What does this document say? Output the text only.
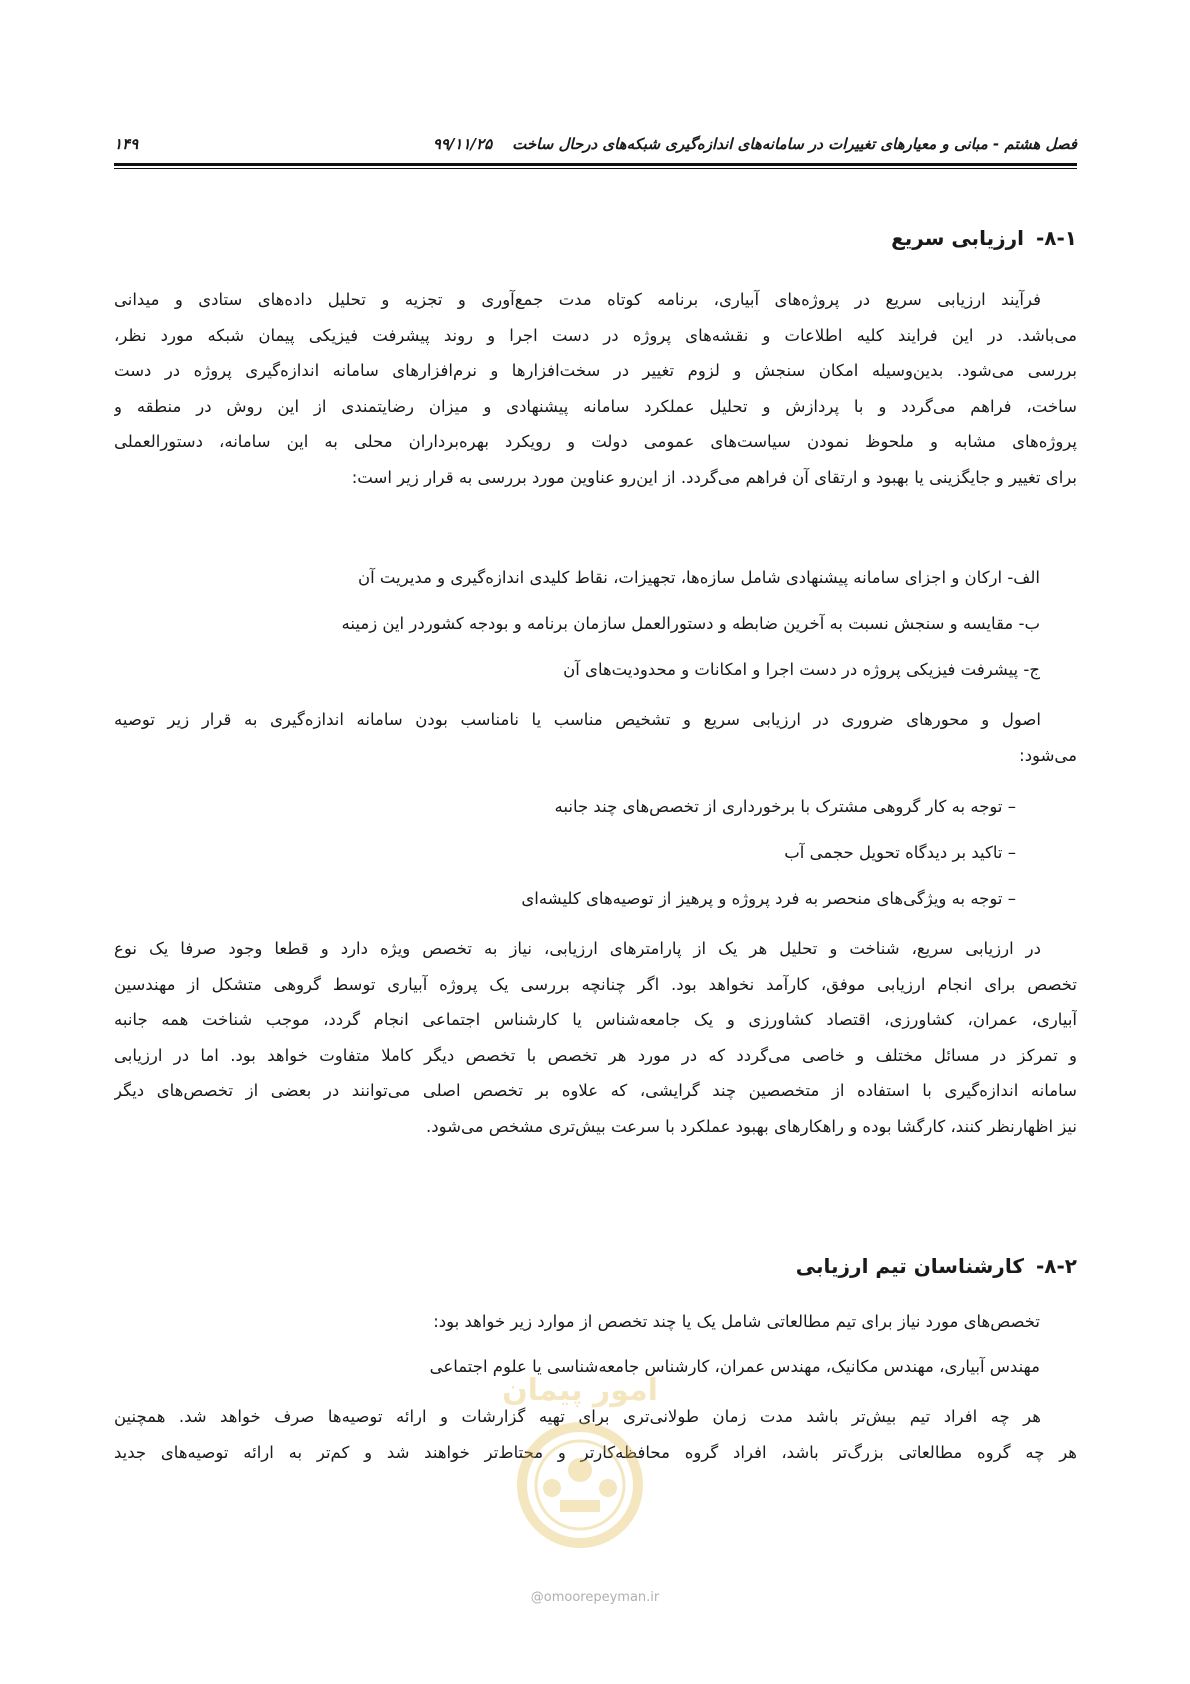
فصل هشتم - مبانی و معیارهای تغییرات در سامانه‌های اندازه‌گیری شبکه‌های درحال ساخت
۹۹/۱۱/۲۵
۱۴۹
۸-۱-ارزیابی سریع
فرآیند ارزیابی سریع در پروژه‌های آبیاری، برنامه کوتاه مدت جمع‌آوری و تجزیه و تحلیل داده‌های ستادی و میدانی
می‌باشد. در این فرایند کلیه اطلاعات و نقشه‌های پروژه در دست اجرا و روند پیشرفت فیزیکی پیمان شبکه مورد نظر،
بررسی می‌شود. بدین‌وسیله امکان سنجش و لزوم تغییر در سخت‌افزارها و نرم‌افزارهای سامانه اندازه‌گیری پروژه در دست
ساخت، فراهم می‌گردد و با پردازش و تحلیل عملکرد سامانه پیشنهادی و میزان رضایتمندی از این روش در منطقه و
پروژه‌های مشابه و ملحوظ نمودن سیاست‌های عمومی دولت و رویکرد بهره‌برداران محلی به این سامانه، دستورالعملی
برای تغییر و جایگزینی یا بهبود و ارتقای آن فراهم می‌گردد. از این‌رو عناوین مورد بررسی به قرار زیر است:
الف- ارکان و اجزای سامانه پیشنهادی شامل سازه‌ها، تجهیزات، نقاط کلیدی اندازه‌گیری و مدیریت آن
ب- مقایسه و سنجش نسبت به آخرین ضابطه و دستورالعمل سازمان برنامه و بودجه کشوردر این زمینه
ج- پیشرفت فیزیکی پروژه در دست اجرا و امکانات و محدودیت‌های آن
اصول و محورهای ضروری در ارزیابی سریع و تشخیص مناسب یا نامناسب بودن سامانه اندازه‌گیری به قرار زیر توصیه
می‌شود:
– توجه به کار گروهی مشترک با برخورداری از تخصص‌های چند جانبه
– تاکید بر دیدگاه تحویل حجمی آب
– توجه به ویژگی‌های منحصر به فرد پروژه و پرهیز از توصیه‌های کلیشه‌ای
در ارزیابی سریع، شناخت و تحلیل هر یک از پارامترهای ارزیابی، نیاز به تخصص ویژه دارد و قطعا وجود صرفا یک نوع
تخصص برای انجام ارزیابی موفق، کارآمد نخواهد بود. اگر چنانچه بررسی یک پروژه آبیاری توسط گروهی متشکل از مهندسین
آبیاری، عمران، کشاورزی، اقتصاد کشاورزی و یک جامعه‌شناس یا کارشناس اجتماعی انجام گردد، موجب شناخت همه جانبه
و تمرکز در مسائل مختلف و خاصی می‌گردد که در مورد هر تخصص با تخصص دیگر کاملا متفاوت خواهد بود. اما در ارزیابی
سامانه اندازه‌گیری با استفاده از متخصصین چند گرایشی، که علاوه بر تخصص اصلی می‌توانند در بعضی از تخصص‌های دیگر
نیز اظهارنظر کنند، کارگشا بوده و راهکارهای بهبود عملکرد با سرعت بیش‌تری مشخص می‌شود.
۸-۲-کارشناسان تیم ارزیابی
تخصص‌های مورد نیاز برای تیم مطالعاتی شامل یک یا چند تخصص از موارد زیر خواهد بود:
مهندس آبیاری، مهندس مکانیک، مهندس عمران، کارشناس جامعه‌شناسی یا علوم اجتماعی
هر چه افراد تیم بیش‌تر باشد مدت زمان طولانی‌تری برای تهیه گزارشات و ارائه توصیه‌ها صرف خواهد شد. همچنین
هر چه گروه مطالعاتی بزرگ‌تر باشد، افراد گروه محافظه‌کارتر و محتاط‌تر خواهند شد و کم‌تر به ارائه توصیه‌های جدید
امور پیمان
@omoorepeyman.ir
